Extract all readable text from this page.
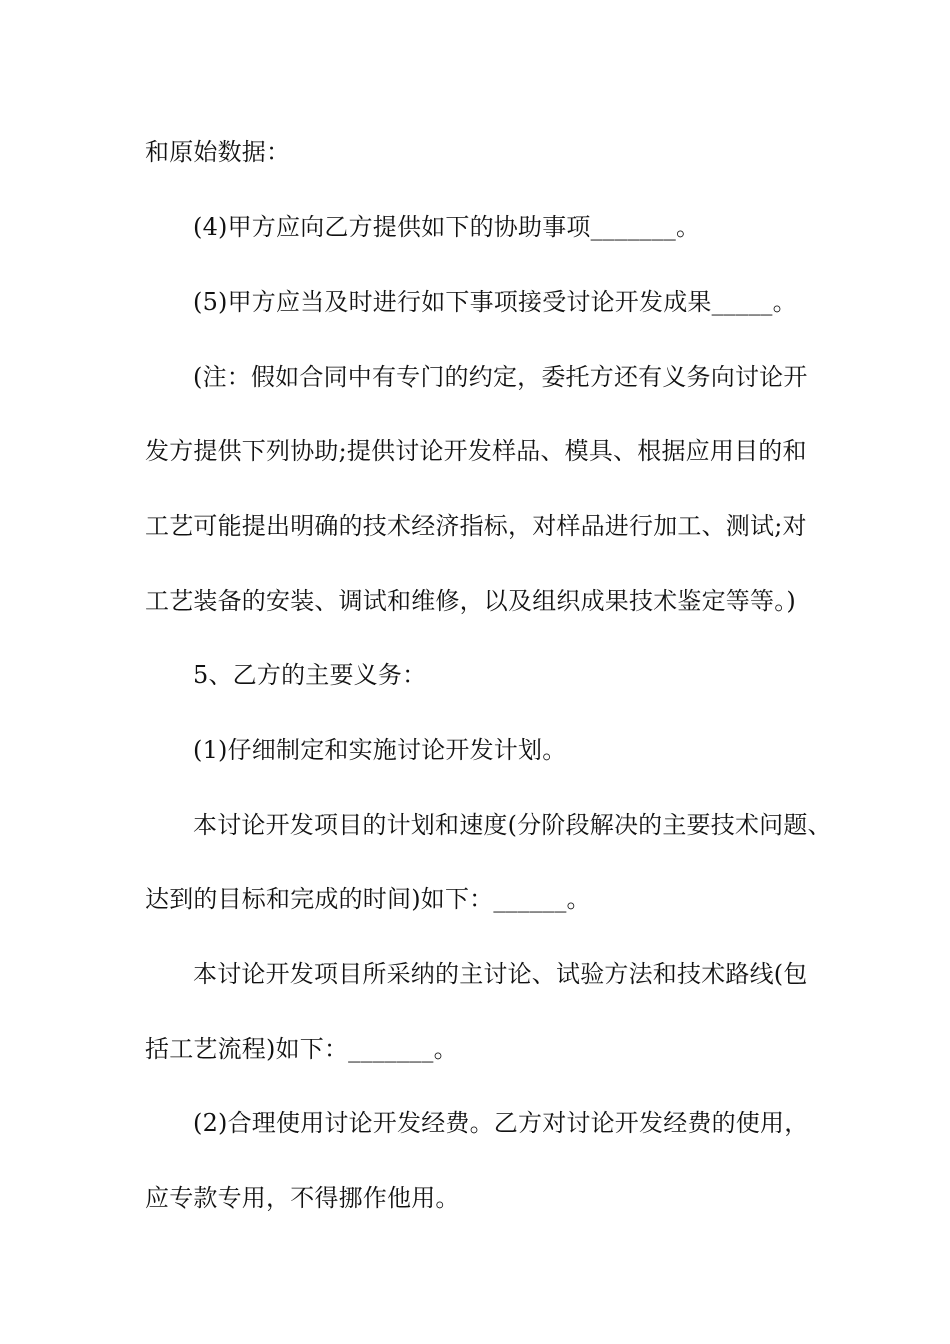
和原始数据：
(4)甲方应向乙方提供如下的协助事项_______。
(5)甲方应当及时进行如下事项接受讨论开发成果_____。
(注：假如合同中有专门的约定，委托方还有义务向讨论开
发方提供下列协助;提供讨论开发样品、模具、根据应用目的和
工艺可能提出明确的技术经济指标，对样品进行加工、测试;对
工艺装备的安装、调试和维修，以及组织成果技术鉴定等等。)
5、乙方的主要义务：
(1)仔细制定和实施讨论开发计划。
本讨论开发项目的计划和速度(分阶段解决的主要技术问题、
达到的目标和完成的时间)如下：______。
本讨论开发项目所采纳的主讨论、试验方法和技术路线(包
括工艺流程)如下：_______。
(2)合理使用讨论开发经费。乙方对讨论开发经费的使用，
应专款专用，不得挪作他用。
